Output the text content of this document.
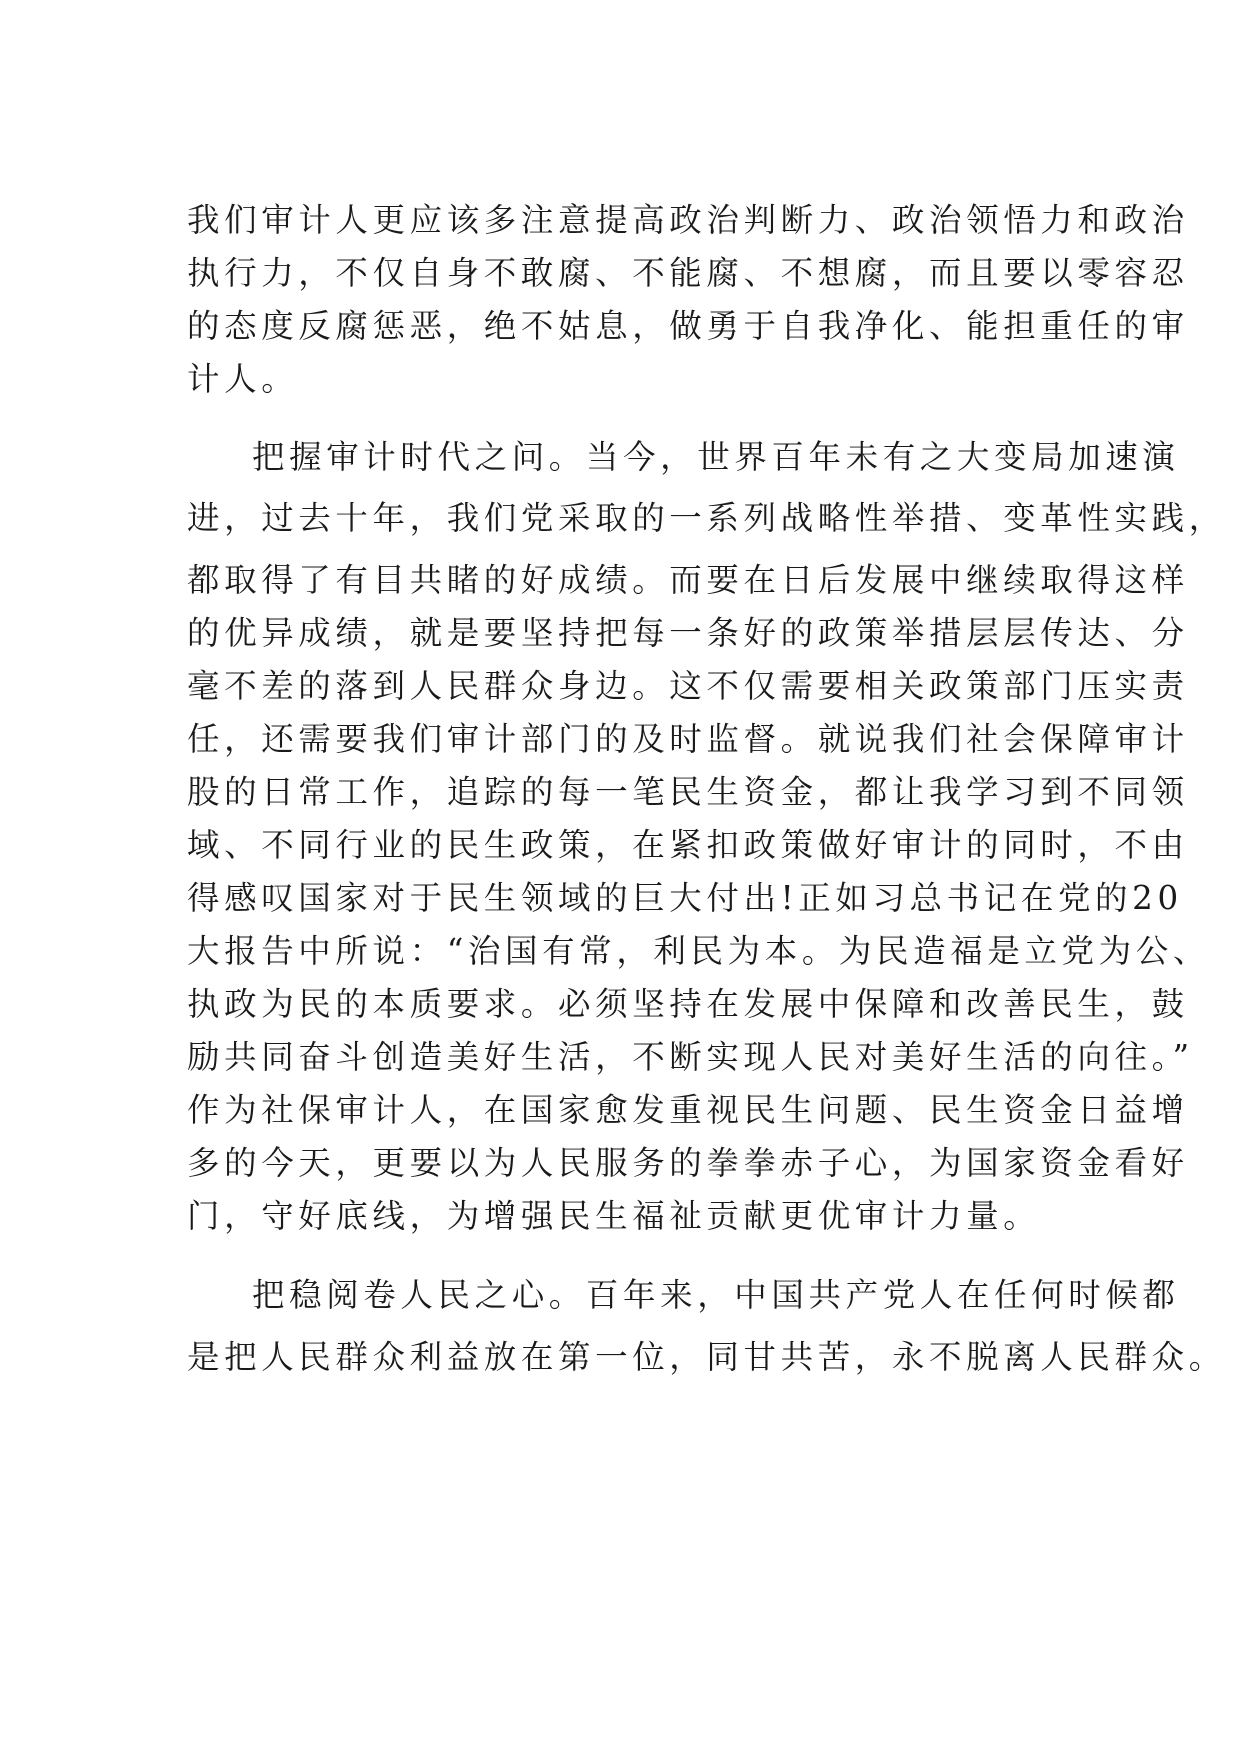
我们审计人更应该多注意提高政治判断力、政治领悟力和政治
执行力，不仅自身不敢腐、不能腐、不想腐，而且要以零容忍
的态度反腐惩恶，绝不姑息，做勇于自我净化、能担重任的审
计人。
把握审计时代之问。当今，世界百年未有之大变局加速演
进，过去十年，我们党采取的一系列战略性举措、变革性实践，
都取得了有目共睹的好成绩。而要在日后发展中继续取得这样
的优异成绩，就是要坚持把每一条好的政策举措层层传达、分
毫不差的落到人民群众身边。这不仅需要相关政策部门压实责
任，还需要我们审计部门的及时监督。就说我们社会保障审计
股的日常工作，追踪的每一笔民生资金，都让我学习到不同领
域、不同行业的民生政策，在紧扣政策做好审计的同时，不由
得感叹国家对于民生领域的巨大付出!正如习总书记在党的20
大报告中所说：“治国有常，利民为本。为民造福是立党为公、
执政为民的本质要求。必须坚持在发展中保障和改善民生，鼓
励共同奋斗创造美好生活，不断实现人民对美好生活的向往。”
作为社保审计人，在国家愈发重视民生问题、民生资金日益增
多的今天，更要以为人民服务的拳拳赤子心，为国家资金看好
门，守好底线，为增强民生福祉贡献更优审计力量。
把稳阅卷人民之心。百年来，中国共产党人在任何时候都
是把人民群众利益放在第一位，同甘共苦，永不脱离人民群众。
